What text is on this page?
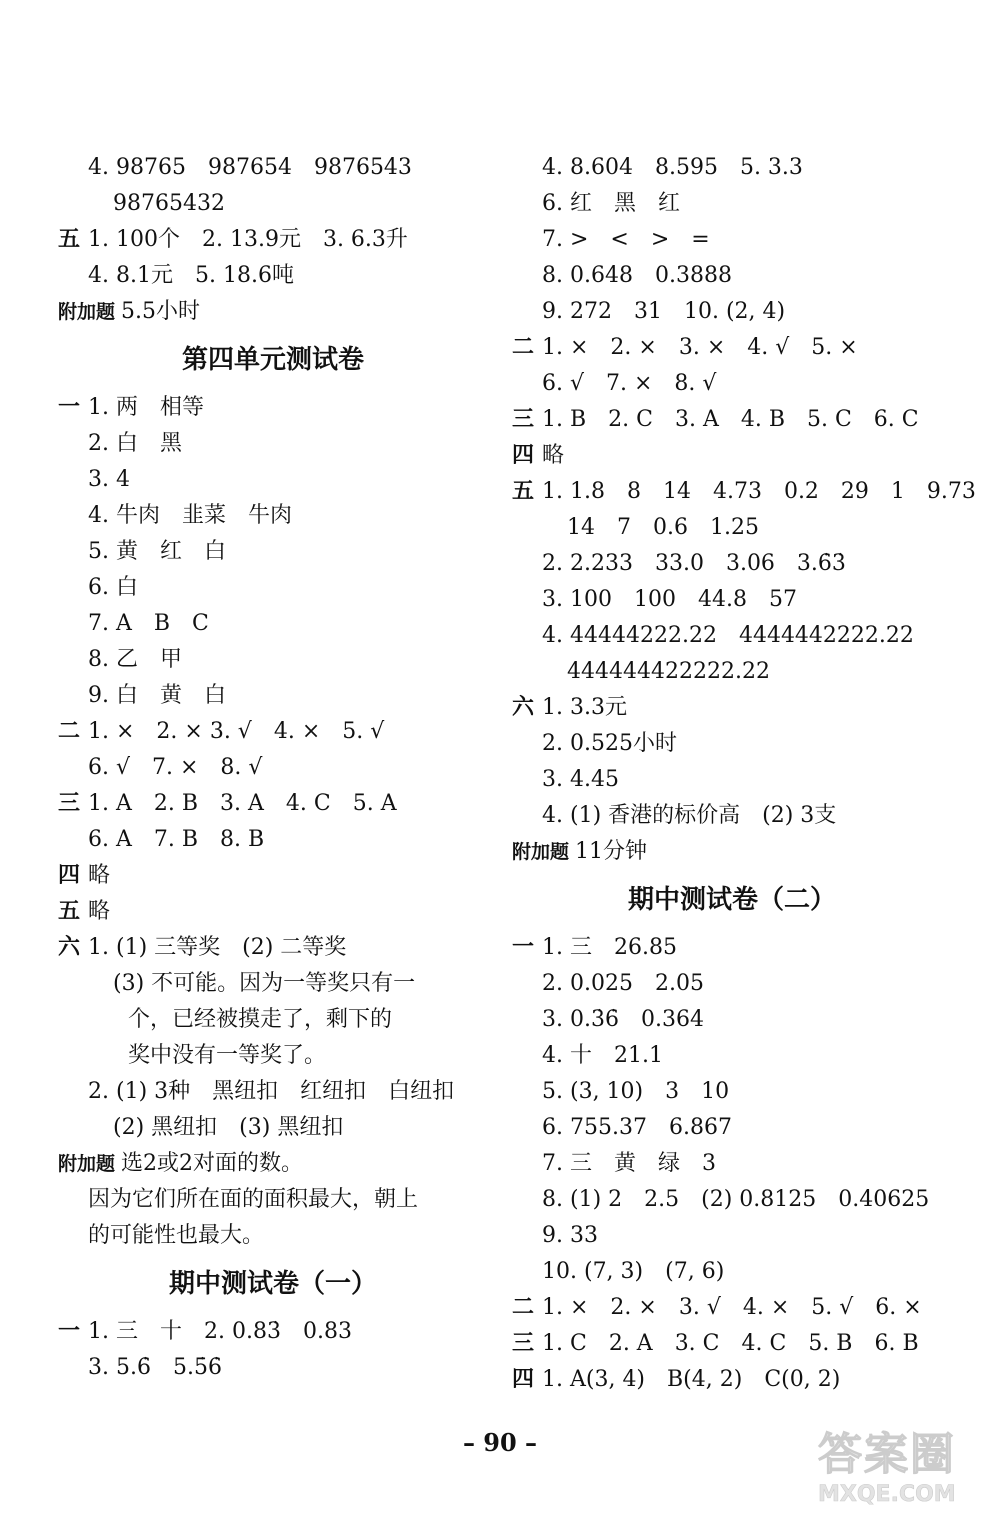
4. 98765　987654　9876543
98765432
五 1. 100个　2. 13.9元　3. 6.3升
4. 8.1元　5. 18.6吨
附加题 5.5小时
第四单元测试卷
一 1. 两　相等
2. 白　黑
3. 4
4. 牛肉　韭菜　牛肉
5. 黄　红　白
6. 白
7. A　B　C
8. 乙　甲
9. 白　黄　白
二 1. ×　2. × 3. √　4. ×　5. √
6. √　7. ×　8. √
三 1. A　2. B　3. A　4. C　5. A
6. A　7. B　8. B
四 略
五 略
六 1. (1) 三等奖　(2) 二等奖
(3) 不可能。因为一等奖只有一
个，已经被摸走了，剩下的
奖中没有一等奖了。
2. (1) 3种　黑纽扣　红纽扣　白纽扣
(2) 黑纽扣　(3) 黑纽扣
附加题 选2或2对面的数。
因为它们所在面的面积最大，朝上
的可能性也最大。
期中测试卷（一）
一 1. 三　十　2. 0.83̇　0.83
3. 5.6̇　5.5̇6̇
4. 8.604　8.595　5. 3.3
6. 红　黑　红
7. >　<　>　=
8. 0.648　0.3888
9. 272　31　10. (2, 4)
二 1. ×　2. ×　3. ×　4. √　5. ×
6. √　7. ×　8. √
三 1. B　2. C　3. A　4. B　5. C　6. C
四 略
五 1. 1.8　8　14　4.73　0.2　29　1　9.73
14　7　0.6　1.25
2. 2.233　33.0　3.06　3.6̇3̇
3. 100　100　44.8　57
4. 44444222.22　4444442222.22
444444422222.22
六 1. 3.3元
2. 0.525小时
3. 4.45
4. (1) 香港的标价高　(2) 3支
附加题 11分钟
期中测试卷（二）
一 1. 三　26.85
2. 0.025　2.05
3. 0.3̇6̇　0.364
4. 十　21.1
5. (3, 10)　3　10
6. 755.37　6.867
7. 三　黄　绿　3
8. (1) 2　2.5　(2) 0.8125　0.40625
9. 33
10. (7, 3)　(7, 6)
二 1. ×　2. ×　3. √　4. ×　5. √　6. ×
三 1. C　2. A　3. C　4. C　5. B　6. B
四 1. A(3, 4)　B(4, 2)　C(0, 2)
– 90 –	答案圈
MXQE.COM
